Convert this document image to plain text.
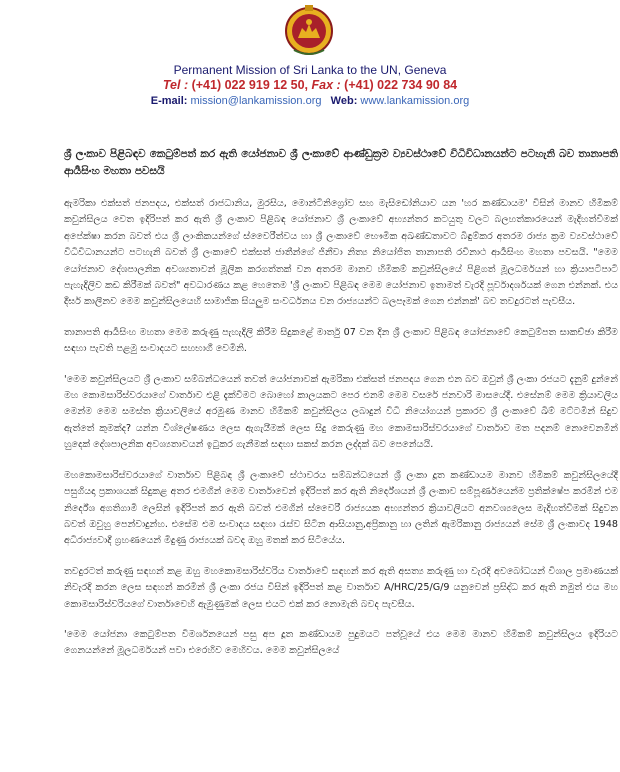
Permanent Mission of Sri Lanka to the UN, Geneva
Tel : (+41) 022 919 12 50, Fax : (+41) 022 734 90 84
E-mail: mission@lankamission.org Web: www.lankamission.org

ශ්‍රී ලංකාව පිළිබඳව කෙටුම්පත් කර ඇති යෝජනාව ශ්‍රී ලංකාවේ ආණ්ඩුක්‍රම ව්‍යවස්ථාවේ විධිවිධානයන්ට පටහැනි බව තානාපති ආර්‍යසිංහ මහතා පවසයි

ඇමරිකා එක්සත් ජනපදය, එක්සත් රාජධානිය, මුරසිය, මොන්ටිනිග්‍රෝව සහ මැසිඩෝනියාව යන 'හර කණ්ඩායම' විසින් මානව හිමිකම් කවුන්සිලය වෙත ඉදිරිපත් කර ඇති ශ්‍රී ලංකාව පිළිබඳ යෝජනාව ශ්‍රී ලංකාවේ අභ්‍යන්තර කටයුතු වලට බලහත්කාරයෙන් මැදිහත්වීමක් අපේක්ෂා කරන බවත් එය ශ්‍රී ලාංකිකයන්ගේ ස්වෛරීත්වය හා ශ්‍රී ලංකාවේ භෞමික අඛණ්ඩතාවට බිඳුම්කර අතරම රාජ්‍ය ක්‍රම ව්‍යවස්ථාවේ විධිවිධානයන්ට පටහැනි බවත් ශ්‍රී ලංකාවේ එක්සත් ජාතීන්ගේ ජිනීවා නිත්‍ය නියෝජිත තානාපති රවීනාථ ආර්‍යසිංහ මහතා පවසයි. "මෙම යෝජනාව දේශපාලනික අවශ්‍යතාවන් මූලික කරගත්තක් වන අතරම මානව හිමිකම් කවුන්සිලයේ පිළිගත් මූලධර්මයන් හා ක්‍රියාපටිපාටි පැහැදිලිව කඩ කිරීමක් බවත්" අවධාරණය කළ හෙතෙම 'ශ්‍රී ලංකාව පිළිබඳ මෙම යෝජනාව ඉතාමත් වැරදි පූර්වාදර්ශයක් ගෙන එන්නක්. එය දීර්ඝ කාලීනව මෙම කවුන්සිලයෙහි සාමාජික සියලුම සංවර්ධනය වන රාජ්‍යයන්ට බලපෑමක් ගෙන එන්නක්' බව තවදුරටත් පැවසීය.

තානාපති ආර්‍යසිංහ මහතා මෙම කරුණු පැහැදිලි කිරීම සිදුකළේ මාර්තු 07 වන දින ශ්‍රී ලංකාව පිළිබඳ යෝජනාවේ කෙටුම්පත සාකච්ඡා කිරීම සඳහා පැවති පළමු සංවාදයට සහභාගී වෙමිනි.

'මෙම කවුන්සිලයට ශ්‍රී ලංකාව සම්බන්ධයෙන් තවත් යෝජනාවක් ඇමරිකා එක්සත් ජනපදය ගෙන එන බව ඔවුන් ශ්‍රී ලංකා රජයට දැනුම් දුන්නේ මහ කොමසාරිස්වරයාගේ වාර්තාව එළි දැක්වීමට බොහෝ කාලයකට පෙර එනම් මෙම වසරේ ජනවාරි මාසයේදී. එසේනම් මෙම ක්‍රියාවලිය මෙන්ම මෙම සමස්ත ක්‍රියාවලියේ අරමුණ මානව හිමිකම් කවුන්සිලය ලබාදුන් විධි නියෝගයන් ප්‍රකාරව ශ්‍රී ලංකාවේ ඛීම් මට්ටමින් සිදුව ඇත්තේ කුමක්ද? යන්න විශ්ලේෂණය ලෙස ඇගැයීමක් ලෙස සිදු කෙරුණු මහ කොමසාරිස්වරයාගේ වාර්තාව මත පදනම් නොවෙනමින් හුදෙක් දේශපාලනික අවශ්‍යතාවයන් ඉටුකර ගැනීමක් සඳහා සකස් කරන ලද්දක් බව පෙනේයයි.

මහකොමසාරිස්වරයාගේ වාර්තාව පිළිබඳ ශ්‍රී ලංකාවේ ස්ථාවරය සම්බන්ධයෙන් ශ්‍රී ලංකා දූත කණ්ඩායම මානව හිමිකම් කවුන්සිලයේදී පසුගියදා ප්‍රකාශයක් සිදුකළ අතර එමගින් මෙම වාර්තාවෙන් ඉදිරිපත් කර ඇති නිර්දේශයන් ශ්‍රී ලංකාව සම්පූර්ණයෙන්ම ප්‍රතික්ෂේප කරමින් එම නිර්දේශ අගතිගාමී ලෙසින් ඉදිරිපත් කර ඇති බවත් එමගින් ස්වෛරී රාජ්‍යයක අභ්‍යන්තර ක්‍රියාවලියට අනවශ්‍යලෙස මැදිහත්වීමක් සිදුවන බවත් ඔවුහු පෙන්වාදුන්හ. එසේම එම සංවාදය සඳහා රැස්ව සිටින ආසියානු,අප්‍රිකානු හා ලතින් ඇමරිකානු රාජ්‍යයන් සේම ශ්‍රී ලංකාවද 1948 අධිරාජ්‍යවාදී ග්‍රහණයෙන් මිදුණු රාජ්‍යයක් බවද ඔහු මතක් කර සිටියේය.

තවදුරටත් කරුණු සඳහන් කළ ඔහු මහකොමසාරිස්වරිය වාර්තාවේ සඳහන් කර ඇති අසත්‍ය කරුණු හා වැරදි අවබෝධයන් විශාල ප්‍රමාණයක් නිවැරදි කරන ලෙස සඳහන් කරමින් ශ්‍රී ලංකා රජය විසින් ඉදිරිපත් කළ වාර්තාව A/HRC/25/G/9 යනුවෙන් ප්‍රසිද්ධ කර ඇති නමුත් එය මහ කොමසාරිස්වරියගේ වාර්තාවෙහි ඇමුණුමක් ලෙස එයට එක් කර නොමැති බවද පැවසීය.

'මෙම යෝජනා කෙටුම්පත විමර්ශනයෙන් පසු අප දූත කණ්ඩායම පුදුමයට පත්වූයේ එය මෙම මානව හිමිකම් කවුන්සිලය ඉදිරියට ගෙනයන්නේ මූලධර්මයන් පවා එරෙහිව මෙහිවය. මෙම කවුන්සිලයේ
